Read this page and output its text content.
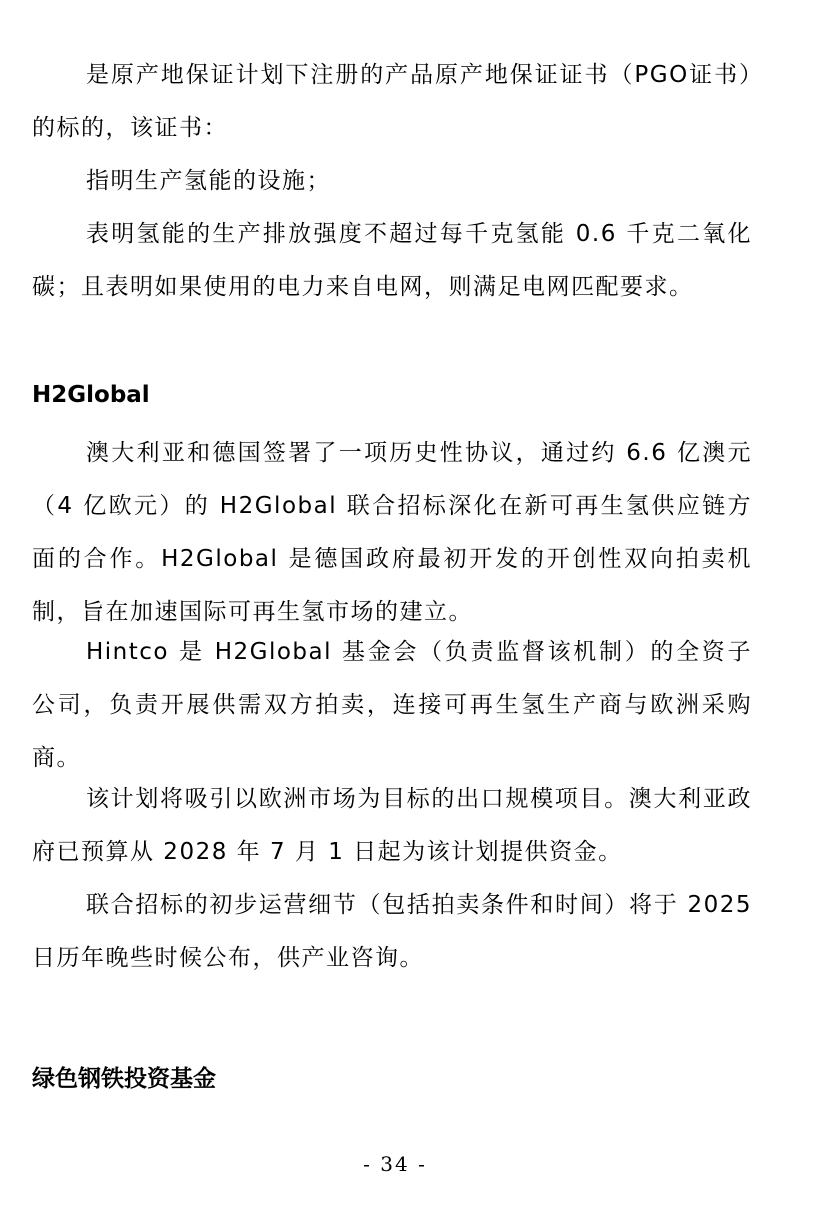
是原产地保证计划下注册的产品原产地保证证书（PGO证书）的标的，该证书：

指明生产氢能的设施；

表明氢能的生产排放强度不超过每千克氢能 0.6 千克二氧化碳；且表明如果使用的电力来自电网，则满足电网匹配要求。

H2Global

澳大利亚和德国签署了一项历史性协议，通过约 6.6 亿澳元（4 亿欧元）的 H2Global 联合招标深化在新可再生氢供应链方面的合作。H2Global 是德国政府最初开发的开创性双向拍卖机制，旨在加速国际可再生氢市场的建立。

Hintco 是 H2Global 基金会（负责监督该机制）的全资子公司，负责开展供需双方拍卖，连接可再生氢生产商与欧洲采购商。

该计划将吸引以欧洲市场为目标的出口规模项目。澳大利亚政府已预算从 2028 年 7 月 1 日起为该计划提供资金。

联合招标的初步运营细节（包括拍卖条件和时间）将于 2025 日历年晚些时候公布，供产业咨询。

绿色钢铁投资基金
- 34 -
